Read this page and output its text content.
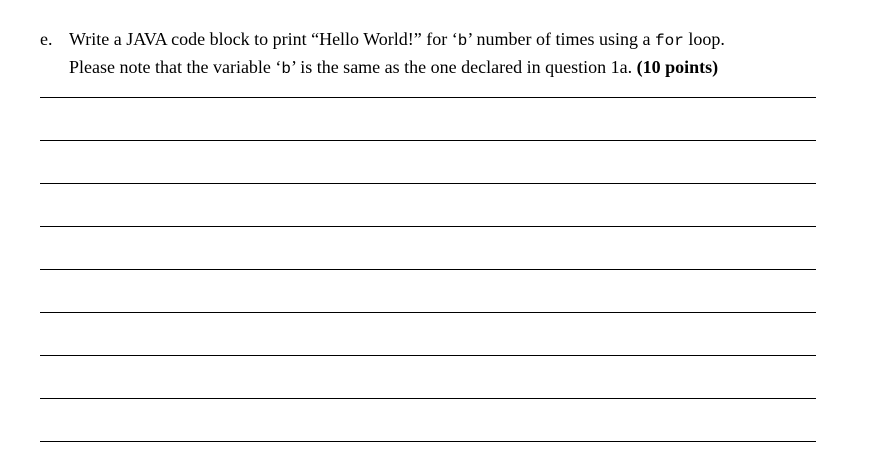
e. Write a JAVA code block to print “Hello World!” for ‘b’ number of times using a for loop.
Please note that the variable ‘b’ is the same as the one declared in question 1a. (10 points)
